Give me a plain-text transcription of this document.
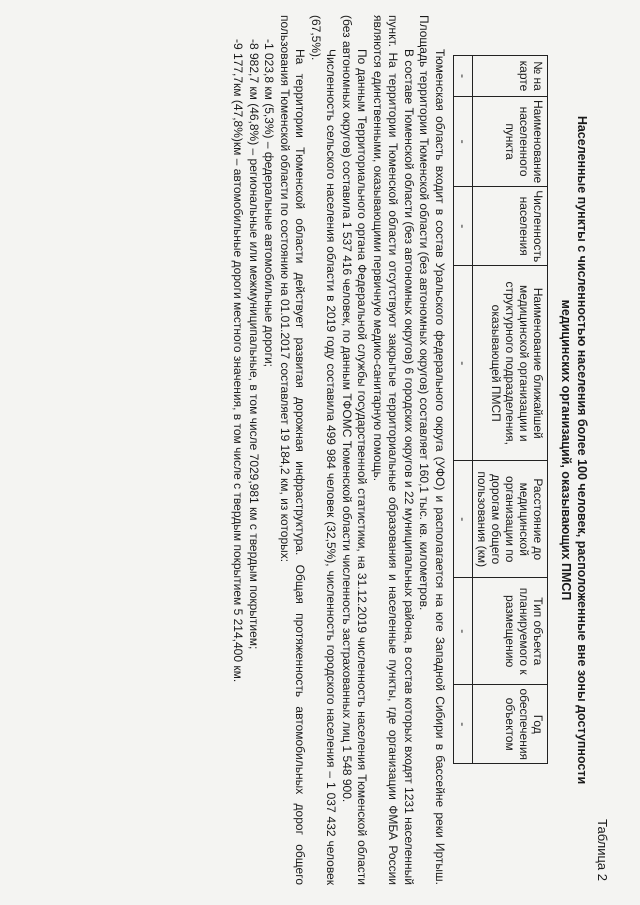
Таблица 2
Населенные пункты с численностью населения более 100 человек, расположенные вне зоны доступности
медицинских организаций, оказывающих ПМСП
№ на карте	Наименование населенного пункта	Численность населения	Наименование ближайшей медицинской организации и структурного подразделения, оказывающей ПМСП	Расстояние до медицинской организации по дорогам общего пользования (км)	Тип объекта планируемого к размещению	Год обеспечения объектом
-	-	-	-	-	-	-

Тюменская область входит в состав Уральского федерального округа (УФО) и располагается на юге Западной Сибири в бассейне реки Иртыш. Площадь территории Тюменской области (без автономных округов) составляет 160,1 тыс. кв. километров.

В составе Тюменской области (без автономных округов) 6 городских округов и 22 муниципальных района, в состав которых входят 1231 населенный пункт. На территории Тюменской области отсутствуют закрытые территориальные образования и населенные пункты, где организации ФМБА России являются единственными, оказывающими первичную медико-санитарную помощь.

По данным Территориального органа Федеральной службы государственной статистики, на 31.12.2019 численность населения Тюменской области (без автономных округов) составила 1 537 416 человек, по данным ТФОМС Тюменской области численность застрахованных лиц 1 548 900.

Численность сельского населения области в 2019 году составила 499 984 человек (32,5%), численность городского населения – 1 037 432 человек (67,5%).

На территории Тюменской области действует развитая дорожная инфраструктура. Общая протяженность автомобильных дорог общего пользования Тюменской области по состоянию на 01.01.2017 составляет 19 184,2 км, из которых:

-1 023,8 км (5,3%) – федеральные автомобильные дороги;

-8 982,7 км (46,8%) – региональные или межмуниципальные, в том числе 7029,981 км с твердым покрытием;

-9 177,7км (47,8%)км – автомобильные дороги местного значения, в том числе с твердым покрытием 5 214,400 км.
